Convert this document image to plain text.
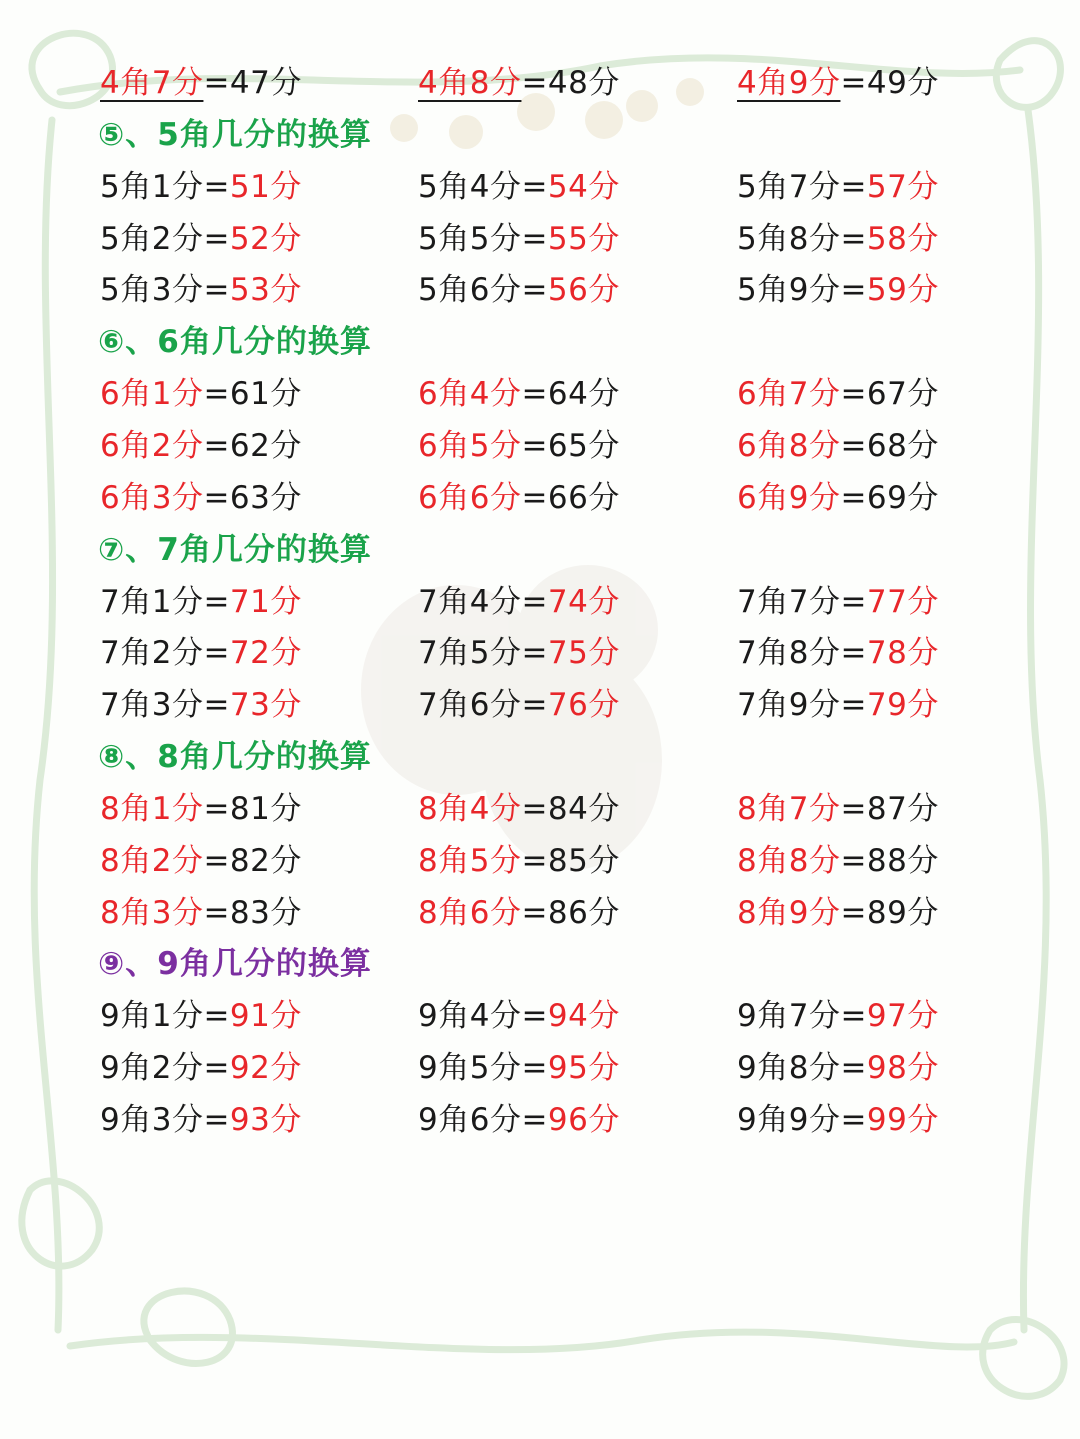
4角7分=47分	4角8分=48分	4角9分=49分
⑤、5角几分的换算
5角1分=51分	5角4分=54分	5角7分=57分
5角2分=52分	5角5分=55分	5角8分=58分
5角3分=53分	5角6分=56分	5角9分=59分
⑥、6角几分的换算
6角1分=61分	6角4分=64分	6角7分=67分
6角2分=62分	6角5分=65分	6角8分=68分
6角3分=63分	6角6分=66分	6角9分=69分
⑦、7角几分的换算
7角1分=71分	7角4分=74分	7角7分=77分
7角2分=72分	7角5分=75分	7角8分=78分
7角3分=73分	7角6分=76分	7角9分=79分
⑧、8角几分的换算
8角1分=81分	8角4分=84分	8角7分=87分
8角2分=82分	8角5分=85分	8角8分=88分
8角3分=83分	8角6分=86分	8角9分=89分
⑨、9角几分的换算
9角1分=91分	9角4分=94分	9角7分=97分
9角2分=92分	9角5分=95分	9角8分=98分
9角3分=93分	9角6分=96分	9角9分=99分
